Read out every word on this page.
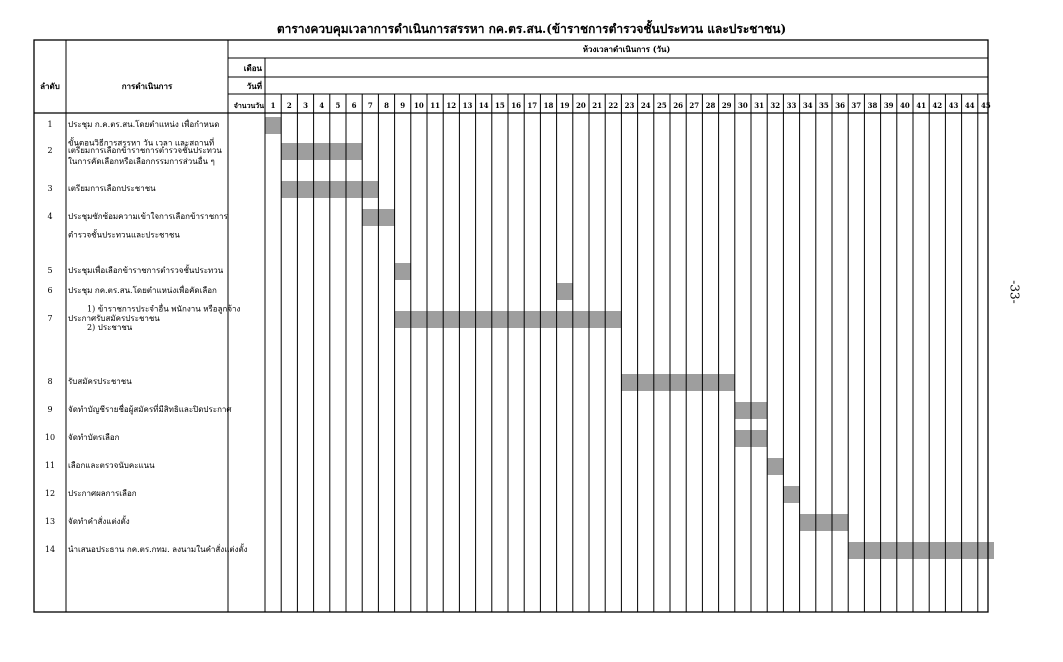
ตารางควบคุมเวลาการดำเนินการสรรหา กค.ตร.สน.(ข้าราชการตำรวจชั้นประทวน และประชาชน)
-33-
ลำดับ	การดำเนินการ
ห้วงเวลาดำเนินการ (วัน)
เดือน
วันที่
จำนวนวัน 1 2 3 4 5 6 7 8 9 10 11 12 13 14 15 16 17 18 19 20 21 22 23 24 25 26 27 28 29 30 31 32 33 34 35 36 37 38 39 40 41 42 43 44 45
1 ประชุม ก.ค.ตร.สน.โดยตำแหน่ง เพื่อกำหนด
ขั้นตอนวิธีการสรรหา วัน เวลา และสถานที่
ในการคัดเลือกหรือเลือกกรรมการส่วนอื่น ๆ
2 เตรียมการเลือกข้าราชการตำรวจชั้นประทวน
3 เตรียมการเลือกประชาชน
4 ประชุมซักซ้อมความเข้าใจการเลือกข้าราชการ
ตำรวจชั้นประทวนและประชาชน
5 ประชุมเพื่อเลือกข้าราชการตำรวจชั้นประทวน
6 ประชุม กค.ตร.สน.โดยตำแหน่งเพื่อคัดเลือก
1) ข้าราชการประจำอื่น พนักงาน หรือลูกจ้าง
2) ประชาชน
7 ประกาศรับสมัครประชาชน
8 รับสมัครประชาชน
9 จัดทำบัญชีรายชื่อผู้สมัครที่มีสิทธิและปิดประกาศ
10 จัดทำบัตรเลือก
11 เลือกและตรวจนับคะแนน
12 ประกาศผลการเลือก
13 จัดทำคำสั่งแต่งตั้ง
14 นำเสนอประธาน กค.ตร.กทม. ลงนามในคำสั่งแต่งตั้ง
